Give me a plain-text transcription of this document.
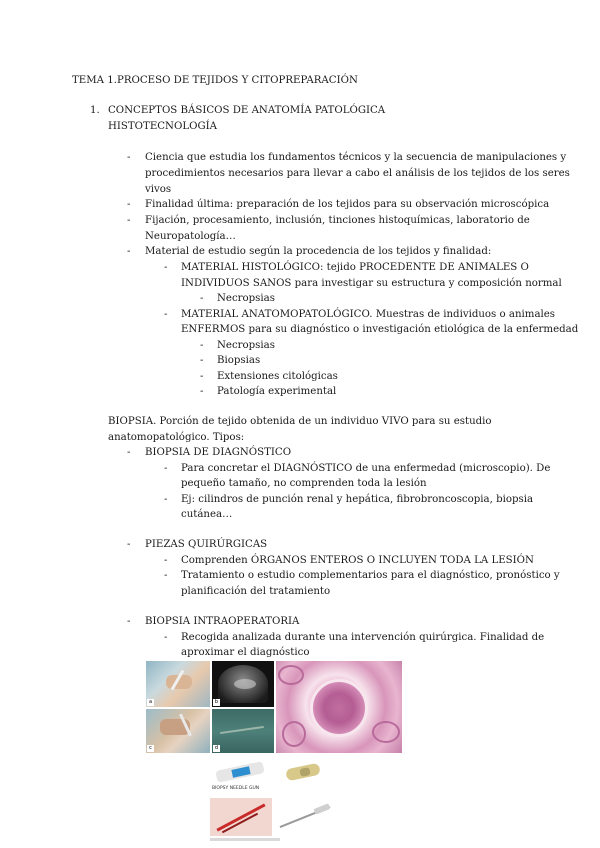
TEMA 1.PROCESO DE TEJIDOS Y CITOPREPARACIÓN
1. CONCEPTOS BÁSICOS DE ANATOMÍA PATOLÓGICA
HISTOTECNOLOGÍA
- Ciencia que estudia los fundamentos técnicos y la secuencia de manipulaciones y
procedimientos necesarios para llevar a cabo el análisis de los tejidos de los seres
vivos
- Finalidad última: preparación de los tejidos para su observación microscópica
- Fijación, procesamiento, inclusión, tinciones histoquímicas, laboratorio de
Neuropatología…
- Material de estudio según la procedencia de los tejidos y finalidad:
- MATERIAL HISTOLÓGICO: tejido PROCEDENTE DE ANIMALES O
INDIVIDUOS SANOS para investigar su estructura y composición normal
- Necropsias
- MATERIAL ANATOMOPATOLÓGICO. Muestras de individuos o animales
ENFERMOS para su diagnóstico o investigación etiológica de la enfermedad
- Necropsias
- Biopsias
- Extensiones citológicas
- Patología experimental
BIOPSIA. Porción de tejido obtenida de un individuo VIVO para su estudio
anatomopatológico. Tipos:
- BIOPSIA DE DIAGNÓSTICO
- Para concretar el DIAGNÓSTICO de una enfermedad (microscopio). De
pequeño tamaño, no comprenden toda la lesión
- Ej: cilindros de punción renal y hepática, fibrobroncoscopia, biopsia
cutánea…
- PIEZAS QUIRÚRGICAS
- Comprenden ÓRGANOS ENTEROS O INCLUYEN TODA LA LESIÓN
- Tratamiento o estudio complementarios para el diagnóstico, pronóstico y
planificación del tratamiento
- BIOPSIA INTRAOPERATORIA
- Recogida analizada durante una intervención quirúrgica. Finalidad de
aproximar el diagnóstico
a	b
c	d
BIOPSY NEEDLE GUN
